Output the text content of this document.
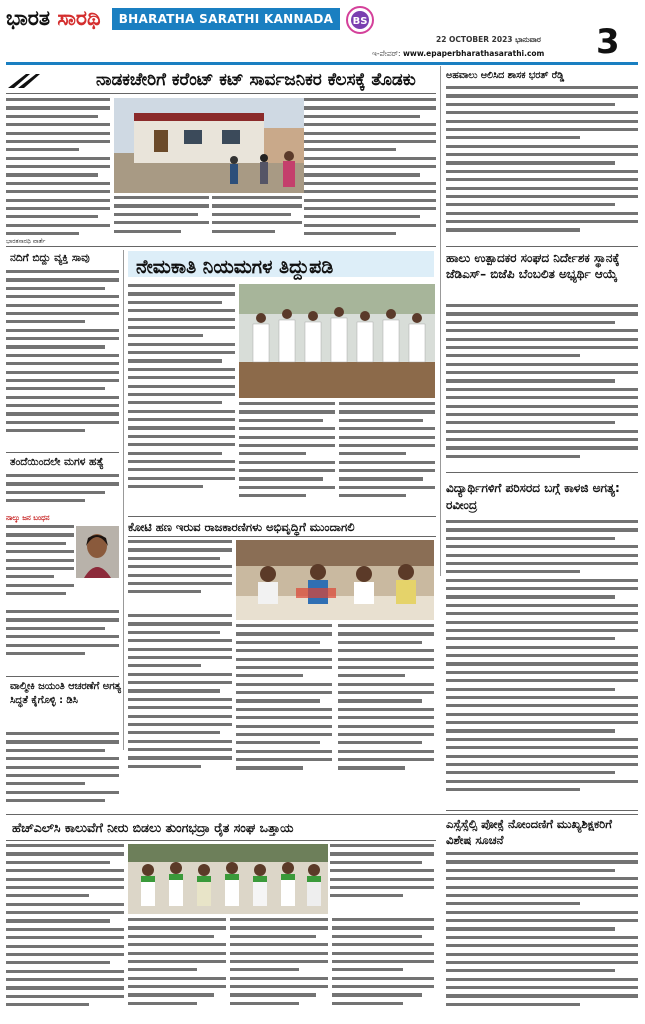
ಭಾರತ ಸಾರಥಿ	BHARATHA SARATHI KANNADA DAILY
BS
22 OCTOBER 2023 ಭಾನುವಾರ
ಇ-ಪೇಪರ್: www.epaperbharathasarathi.com 3
ನಾಡಕಚೇರಿಗೆ ಕರೆಂಟ್ ಕಟ್ ಸಾರ್ವಜನಿಕರ ಕೆಲಸಕ್ಕೆ ತೊಡಕು
ಭಾರತಸಾರಥಿ ವಾರ್ತೆ
ಅಹವಾಲು ಆಲಿಸಿದ ಶಾಸಕ ಭರತ್ ರೆಡ್ಡಿ
ಹಾಲು ಉತ್ಪಾದಕರ ಸಂಘದ ನಿರ್ದೇಶಕ ಸ್ಥಾನಕ್ಕೆ ಜೆಡಿಎಸ್– ಬಿಜೆಪಿ ಬೆಂಬಲಿತ ಅಭ್ಯರ್ಥಿ ಆಯ್ಕೆ
ನದಿಗೆ ಬಿದ್ದು ವ್ಯಕ್ತಿ ಸಾವು
ತಂದೆಯಿಂದಲೇ ಮಗಳ ಹತ್ಯೆ
ನಾಲ್ಕು ಜನ ಬಂಧನ
ವಾಲ್ಮೀಕಿ ಜಯಂತಿ ಆಚರಣೆಗೆ ಅಗತ್ಯ ಸಿದ್ಧತೆ ಕೈಗೊಳ್ಳಿ : ಡಿಸಿ
ನೇಮಕಾತಿ ನಿಯಮಗಳ ತಿದ್ದುಪಡಿ
ವಿದ್ಯಾರ್ಥಿಗಳಿಗೆ ಪರಿಸರದ ಬಗ್ಗೆ ಕಾಳಜಿ ಅಗತ್ಯ: ರವೀಂದ್ರ
ಕೋಟಿ ಹಣ ಇರುವ ರಾಜಕಾರಣಿಗಳು ಅಭಿವೃದ್ಧಿಗೆ ಮುಂದಾಗಲಿ
ಎಸ್ಸೆಸ್ಸೆಲ್ಸಿ ಪೋಕ್ಸೆ ನೋಂದಣಿಗೆ ಮುಖ್ಯಶಿಕ್ಷಕರಿಗೆ ವಿಶೇಷ ಸೂಚನೆ
ಹೆಚ್‌ಎಲ್‌ಸಿ ಕಾಲುವೆಗೆ ನೀರು ಬಿಡಲು ತುಂಗಭದ್ರಾ ರೈತ ಸಂಘ ಒತ್ತಾಯ
